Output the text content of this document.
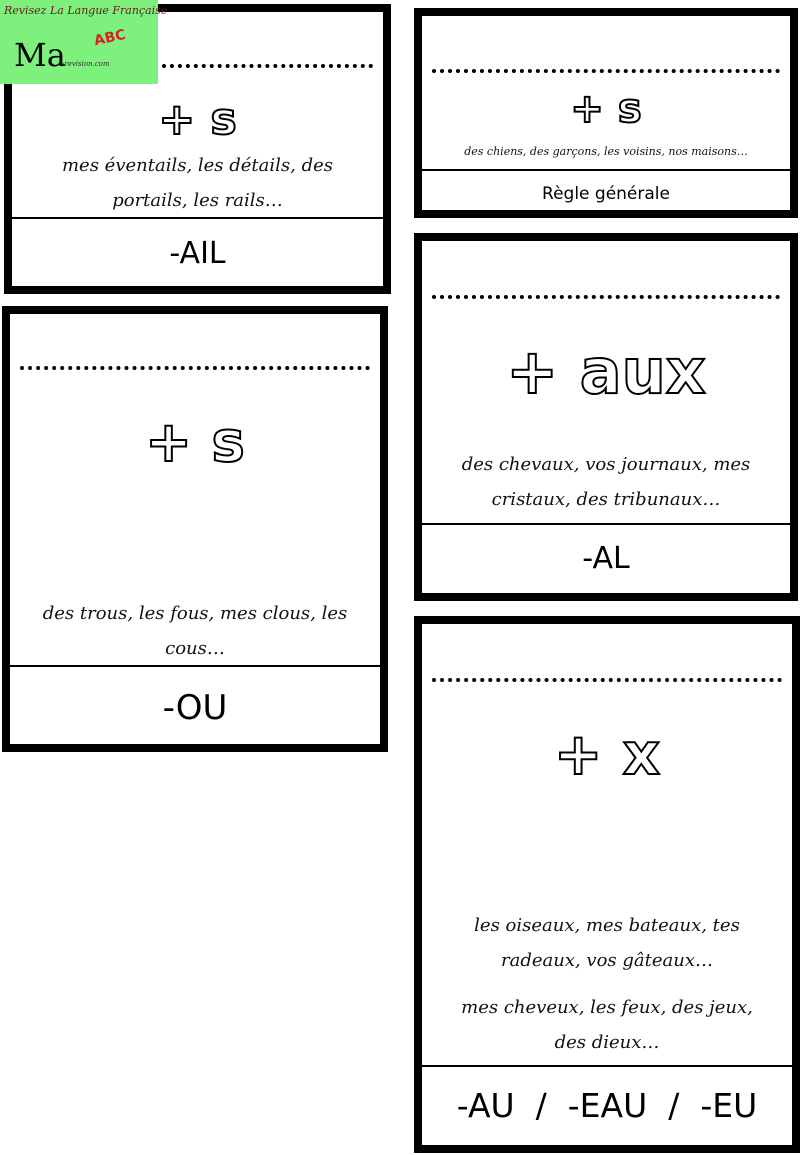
Revisez La Langue Française
Ma ABC
-revision.com
+ s
mes éventails, les détails, des
portails, les rails…
-AIL
+ s
des chiens, des garçons, les voisins, nos maisons…
Règle générale
+ aux
des chevaux, vos journaux, mes
cristaux, des tribunaux…
-AL
+ s
des trous, les fous, mes clous, les
cous…
-OU
+ x
les oiseaux, mes bateaux, tes
radeaux, vos gâteaux…
mes cheveux, les feux, des jeux,
des dieux…
-AU  /  -EAU  /  -EU
